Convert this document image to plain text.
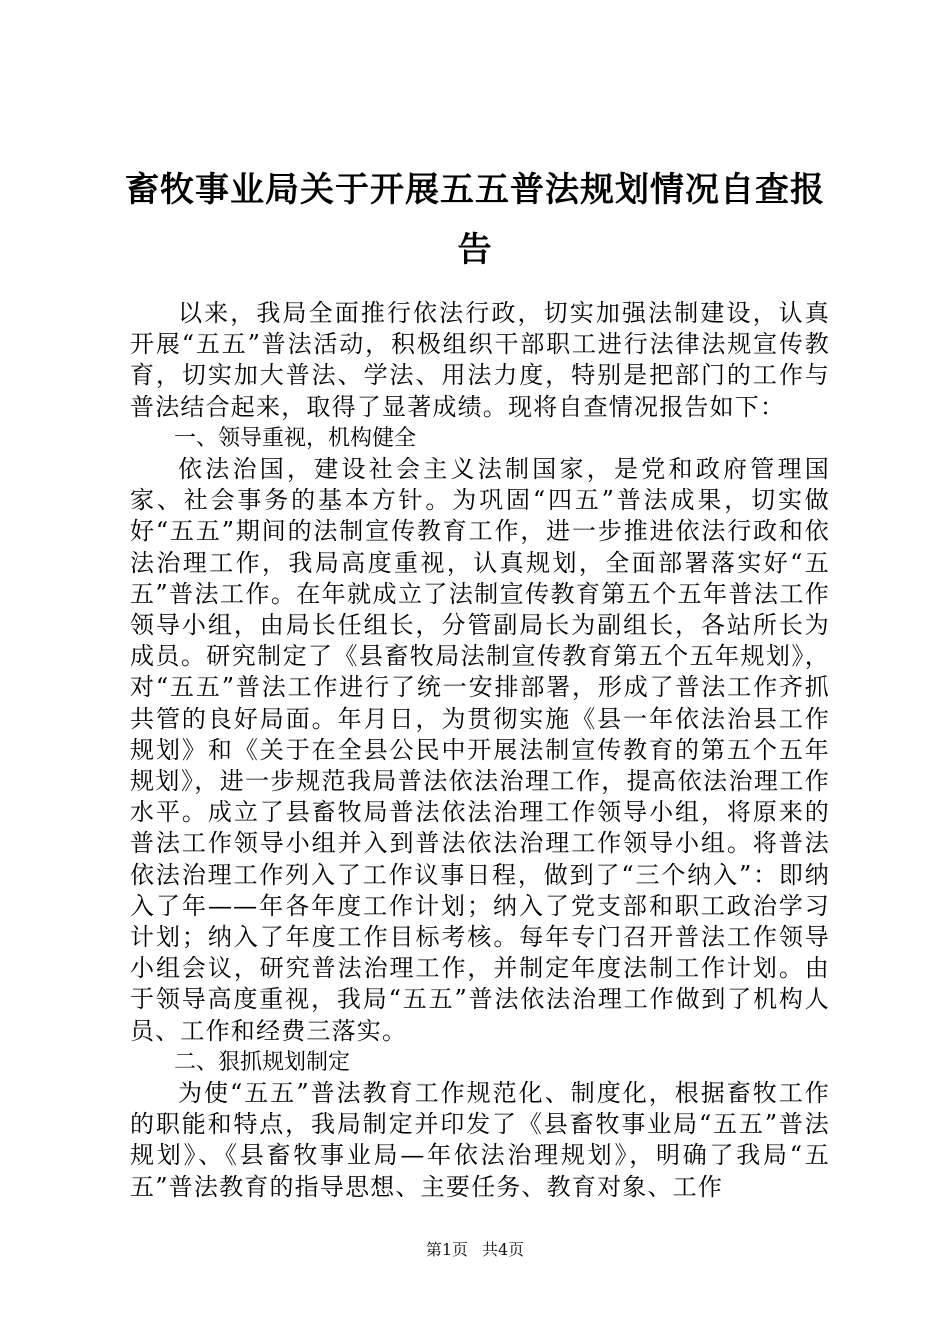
畜牧事业局关于开展五五普法规划情况自查报告

以来，我局全面推行依法行政，切实加强法制建设，认真开展“五五”普法活动，积极组织干部职工进行法律法规宣传教育，切实加大普法、学法、用法力度，特别是把部门的工作与普法结合起来，取得了显著成绩。现将自查情况报告如下：

一、领导重视，机构健全

依法治国，建设社会主义法制国家，是党和政府管理国家、社会事务的基本方针。为巩固“四五”普法成果，切实做好“五五”期间的法制宣传教育工作，进一步推进依法行政和依法治理工作，我局高度重视，认真规划，全面部署落实好“五五”普法工作。在年就成立了法制宣传教育第五个五年普法工作领导小组，由局长任组长，分管副局长为副组长，各站所长为成员。研究制定了《县畜牧局法制宣传教育第五个五年规划》，对“五五”普法工作进行了统一安排部署，形成了普法工作齐抓共管的良好局面。年月日，为贯彻实施《县一年依法治县工作规划》和《关于在全县公民中开展法制宣传教育的第五个五年规划》，进一步规范我局普法依法治理工作，提高依法治理工作水平。成立了县畜牧局普法依法治理工作领导小组，将原来的普法工作领导小组并入到普法依法治理工作领导小组。将普法依法治理工作列入了工作议事日程，做到了“三个纳入”：即纳入了年——年各年度工作计划；纳入了党支部和职工政治学习计划；纳入了年度工作目标考核。每年专门召开普法工作领导小组会议，研究普法治理工作，并制定年度法制工作计划。由于领导高度重视，我局“五五”普法依法治理工作做到了机构人员、工作和经费三落实。

二、狠抓规划制定

为使“五五”普法教育工作规范化、制度化，根据畜牧工作的职能和特点，我局制定并印发了《县畜牧事业局“五五”普法规划》、《县畜牧事业局—年依法治理规划》，明确了我局“五五”普法教育的指导思想、主要任务、教育对象、工作

第1页 共4页
